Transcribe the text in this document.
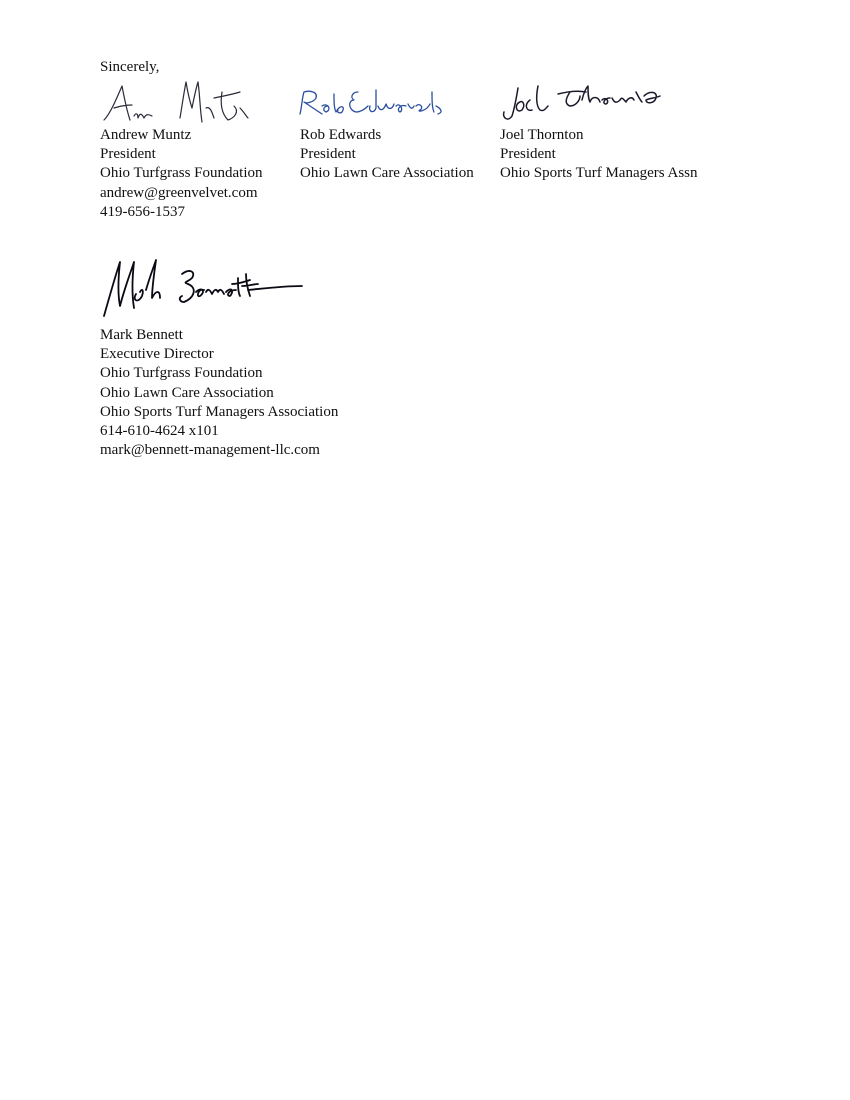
Sincerely,
Andrew Muntz
President
Ohio Turfgrass Foundation
andrew@greenvelvet.com
419-656-1537
Rob Edwards
President
Ohio Lawn Care Association
Joel Thornton
President
Ohio Sports Turf Managers Assn
Mark Bennett
Executive Director
Ohio Turfgrass Foundation
Ohio Lawn Care Association
Ohio Sports Turf Managers Association
614-610-4624 x101
mark@bennett-management-llc.com
